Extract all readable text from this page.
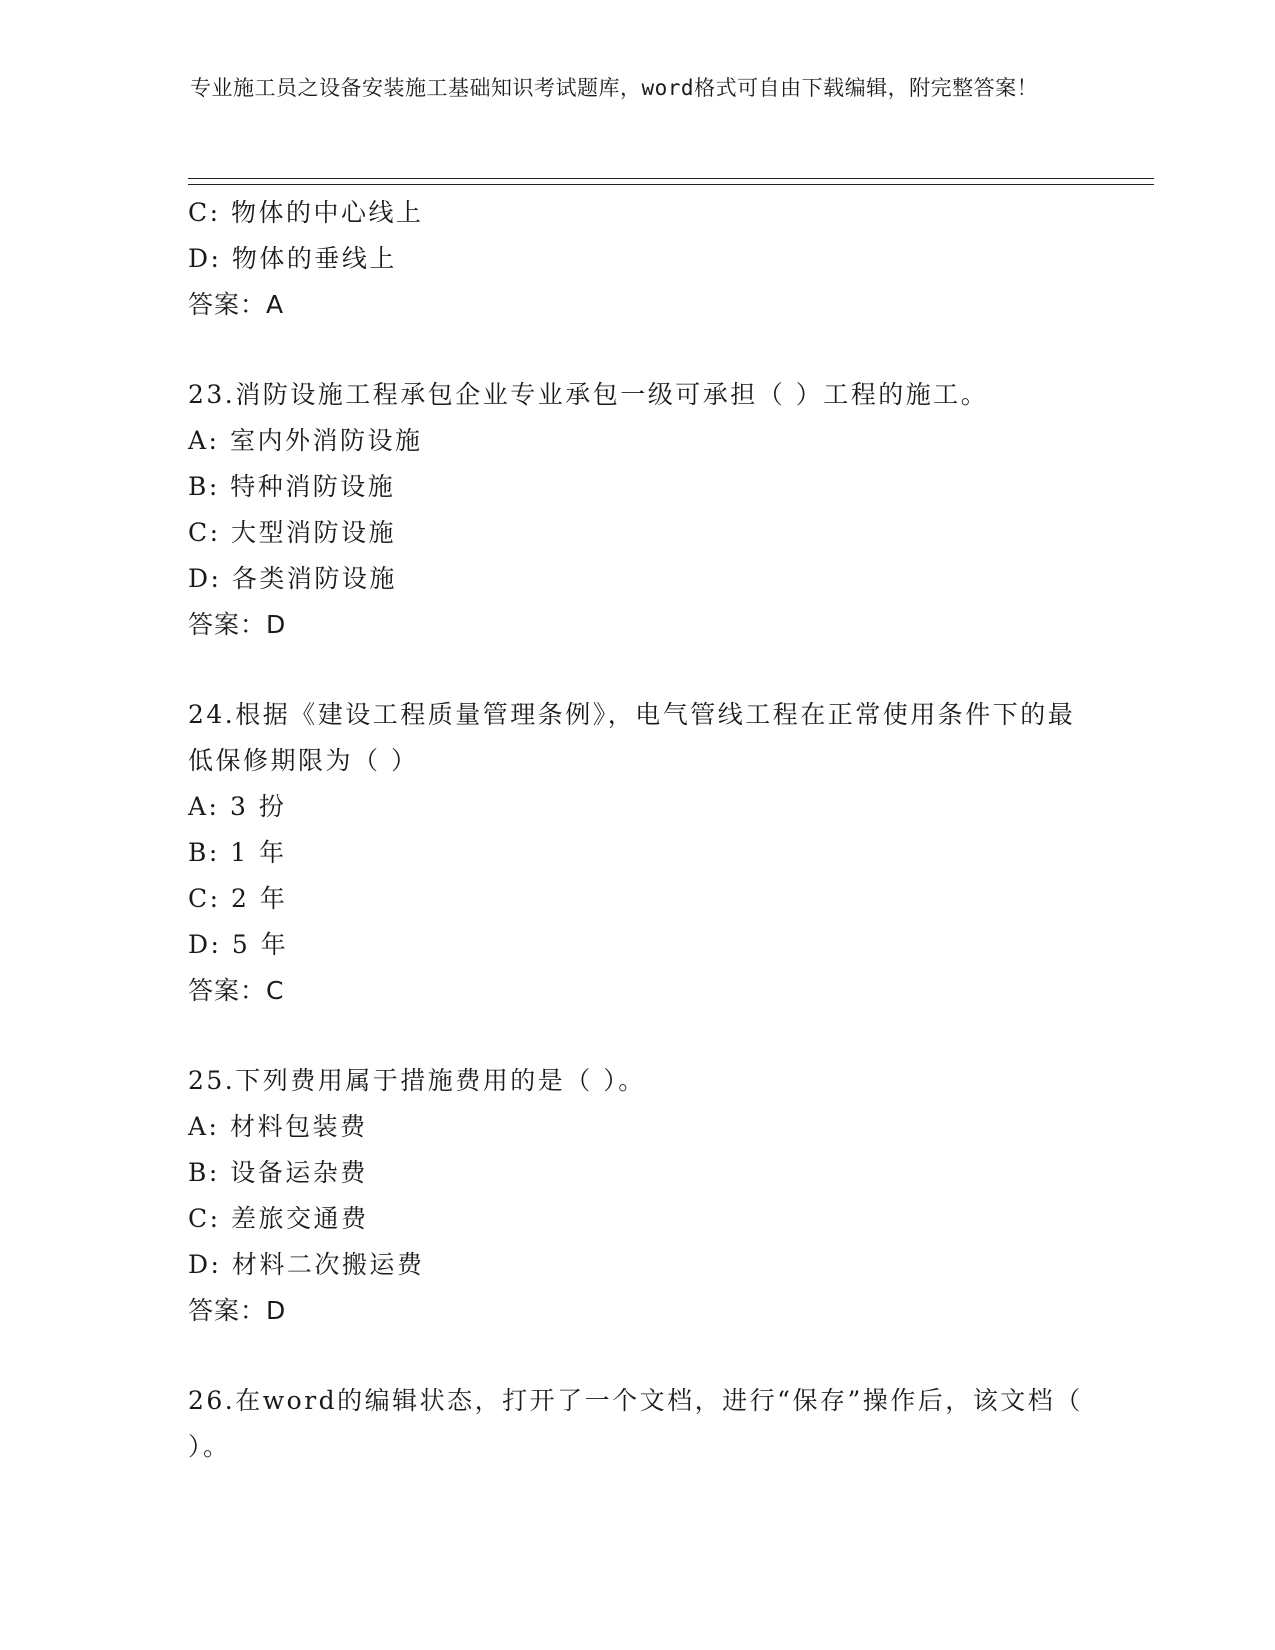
专业施工员之设备安装施工基础知识考试题库，word格式可自由下载编辑，附完整答案！
C: 物体的中心线上
D: 物体的垂线上
答案：A
23.消防设施工程承包企业专业承包一级可承担（ ）工程的施工。
A: 室内外消防设施
B: 特种消防设施
C: 大型消防设施
D: 各类消防设施
答案：D
24.根据《建设工程质量管理条例》，电气管线工程在正常使用条件下的最低保修期限为（ ）
A: 3 扮
B: 1 年
C: 2 年
D: 5 年
答案：C
25.下列费用属于措施费用的是（ ）。
A: 材料包装费
B: 设备运杂费
C: 差旅交通费
D: 材料二次搬运费
答案：D
26.在word的编辑状态，打开了一个文档，进行“保存”操作后，该文档（ ）。
